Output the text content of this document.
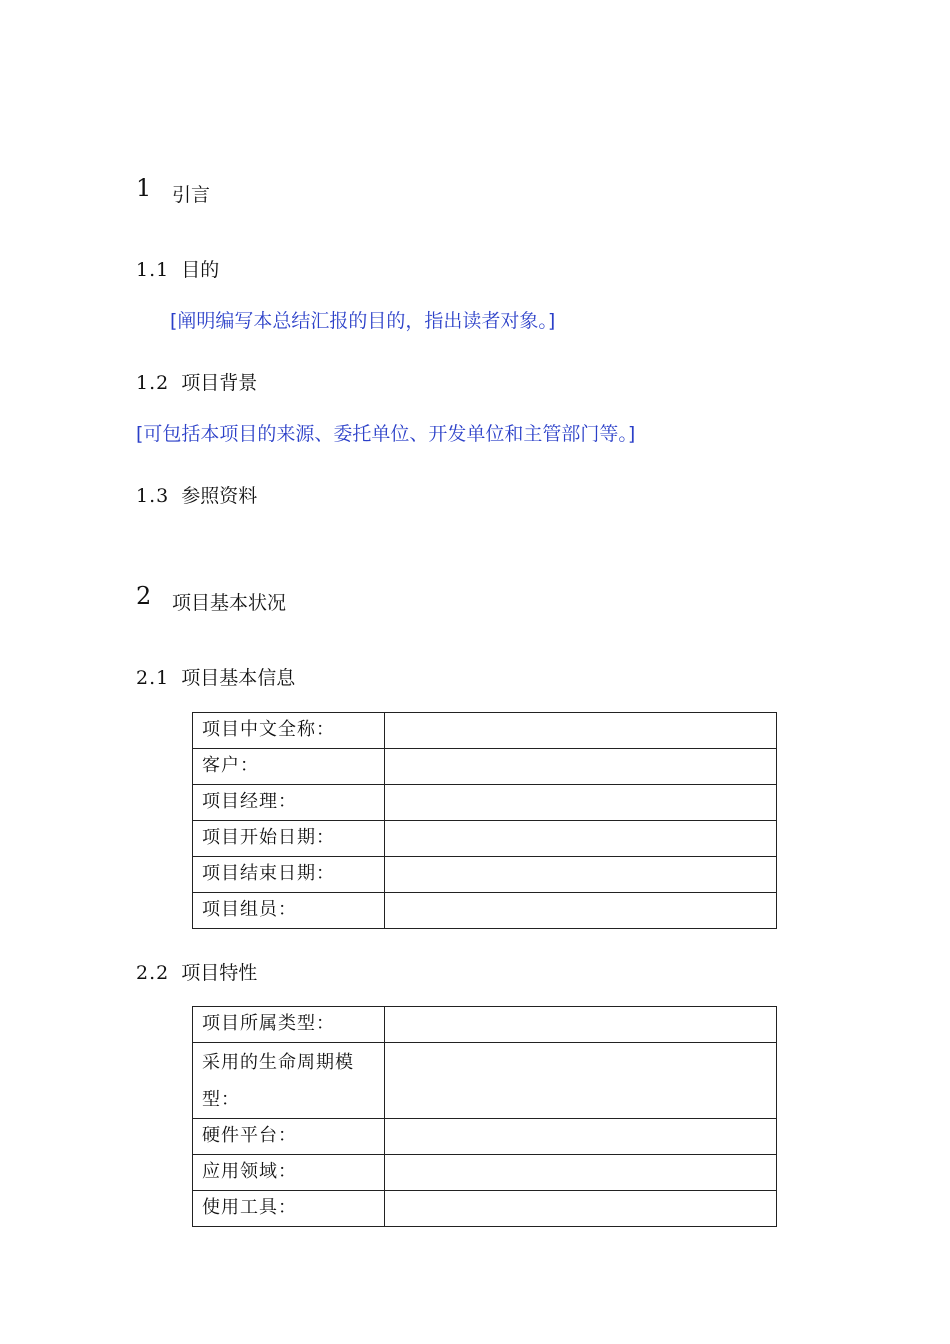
1 引言
1.1 目的
[阐明编写本总结汇报的目的，指出读者对象。]
1.2 项目背景
[可包括本项目的来源、委托单位、开发单位和主管部门等。]
1.3 参照资料
2 项目基本状况
2.1 项目基本信息
项目中文全称：	
客户：	
项目经理：	
项目开始日期：	
项目结束日期：	
项目组员：	
2.2 项目特性
项目所属类型：	
采用的生命周期模型：	
硬件平台：	
应用领域：	
使用工具：	
